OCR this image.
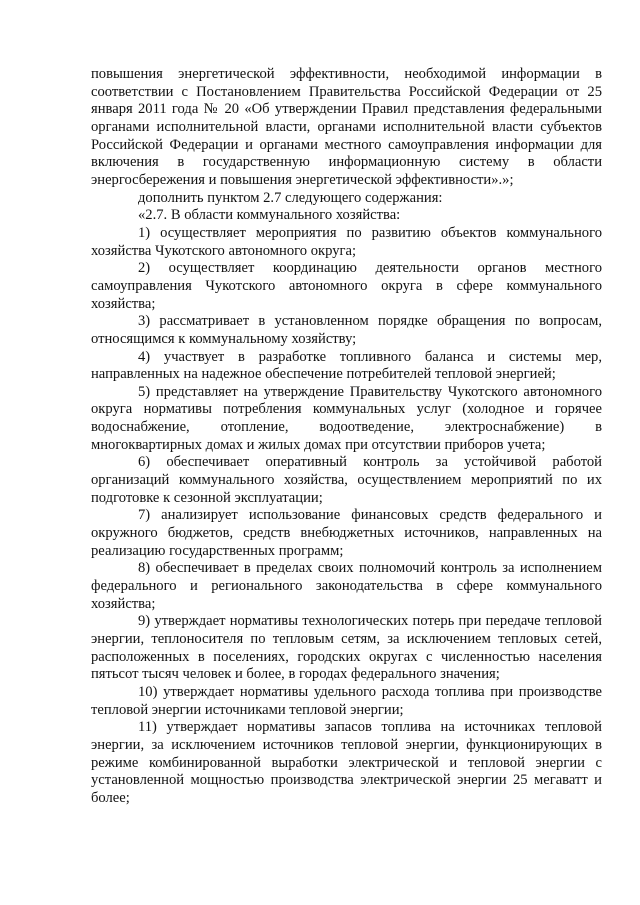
повышения энергетической эффективности, необходимой информации в соответствии с Постановлением Правительства Российской Федерации от 25 января 2011 года № 20 «Об утверждении Правил представления федеральными органами исполнительной власти, органами исполнительной власти субъектов Российской Федерации и органами местного самоуправления информации для включения в государственную информационную систему в области энергосбережения и повышения энергетической эффективности».»;

дополнить пунктом 2.7 следующего содержания:

«2.7. В области коммунального хозяйства:

1) осуществляет мероприятия по развитию объектов коммунального хозяйства Чукотского автономного округа;

2) осуществляет координацию деятельности органов местного самоуправления Чукотского автономного округа в сфере коммунального хозяйства;

3) рассматривает в установленном порядке обращения по вопросам, относящимся к коммунальному хозяйству;

4) участвует в разработке топливного баланса и системы мер, направленных на надежное обеспечение потребителей тепловой энергией;

5) представляет на утверждение Правительству Чукотского автономного округа нормативы потребления коммунальных услуг (холодное и горячее водоснабжение, отопление, водоотведение, электроснабжение) в многоквартирных домах и жилых домах при отсутствии приборов учета;

6) обеспечивает оперативный контроль за устойчивой работой организаций коммунального хозяйства, осуществлением мероприятий по их подготовке к сезонной эксплуатации;

7) анализирует использование финансовых средств федерального и окружного бюджетов, средств внебюджетных источников, направленных на реализацию государственных программ;

8) обеспечивает в пределах своих полномочий контроль за исполнением федерального и регионального законодательства в сфере коммунального хозяйства;

9) утверждает нормативы технологических потерь при передаче тепловой энергии, теплоносителя по тепловым сетям, за исключением тепловых сетей, расположенных в поселениях, городских округах с численностью населения пятьсот тысяч человек и более, в городах федерального значения;

10) утверждает нормативы удельного расхода топлива при производстве тепловой энергии источниками тепловой энергии;

11) утверждает нормативы запасов топлива на источниках тепловой энергии, за исключением источников тепловой энергии, функционирующих в режиме комбинированной выработки электрической и тепловой энергии с установленной мощностью производства электрической энергии 25 мегаватт и более;
